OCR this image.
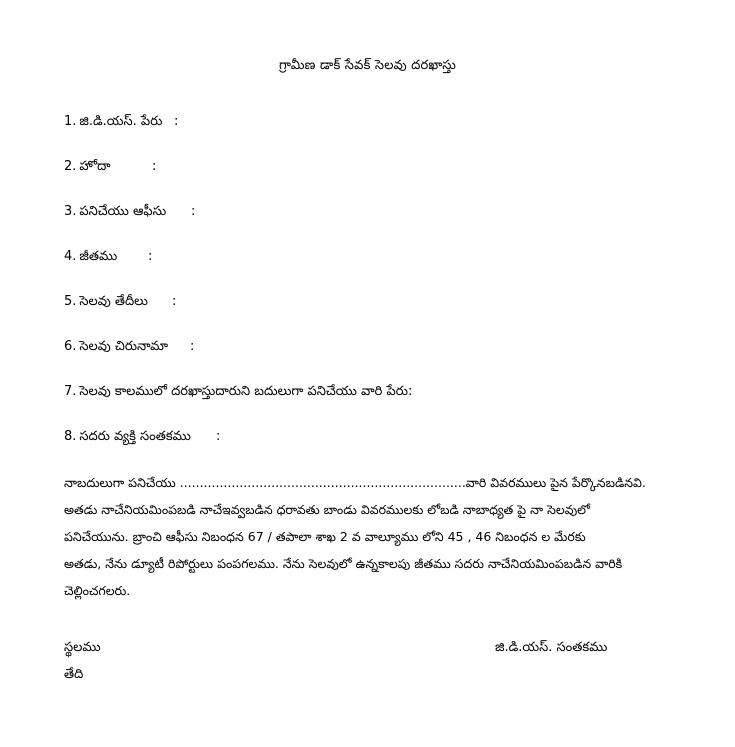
గ్రామీణ డాక్ సేవక్ సెలవు దరఖాస్తు
1. జి.డి.యస్. పేరు :
2. హోదా	:
3. పనిచేయు ఆఫీసు :
4. జీతము :
5. సెలవు తేదీలు :
6. సెలవు చిరునామా :
7. సెలవు కాలములో దరఖాస్తుదారుని బదులుగా పనిచేయు వారి పేరు:
8. సదరు వ్యక్తి సంతకము :
నాబదులుగా పనిచేయు ........................................................................వారి వివరములు పైన పేర్కొనబడినవి.
అతడు నాచేనియమింపబడి నాచేఇవ్వబడిన ధరావతు బాండు వివరములకు లోబడి నాబాధ్యత పై నా సెలవులో
పనిచేయును. బ్రాంచి ఆఫీసు నిబంధన 67 / తపాలా శాఖ 2 వ వాల్యూము లోని 45 , 46 నిబంధన ల మేరకు
అతడు, నేను డ్యూటీ రిపోర్టులు పంపగలము. నేను సెలవులో ఉన్నకాలపు జీతము సదరు నాచేనియమింపబడిన వారికి
చెల్లించగలరు.
స్థలము
తేది
జి.డి.యస్. సంతకము
